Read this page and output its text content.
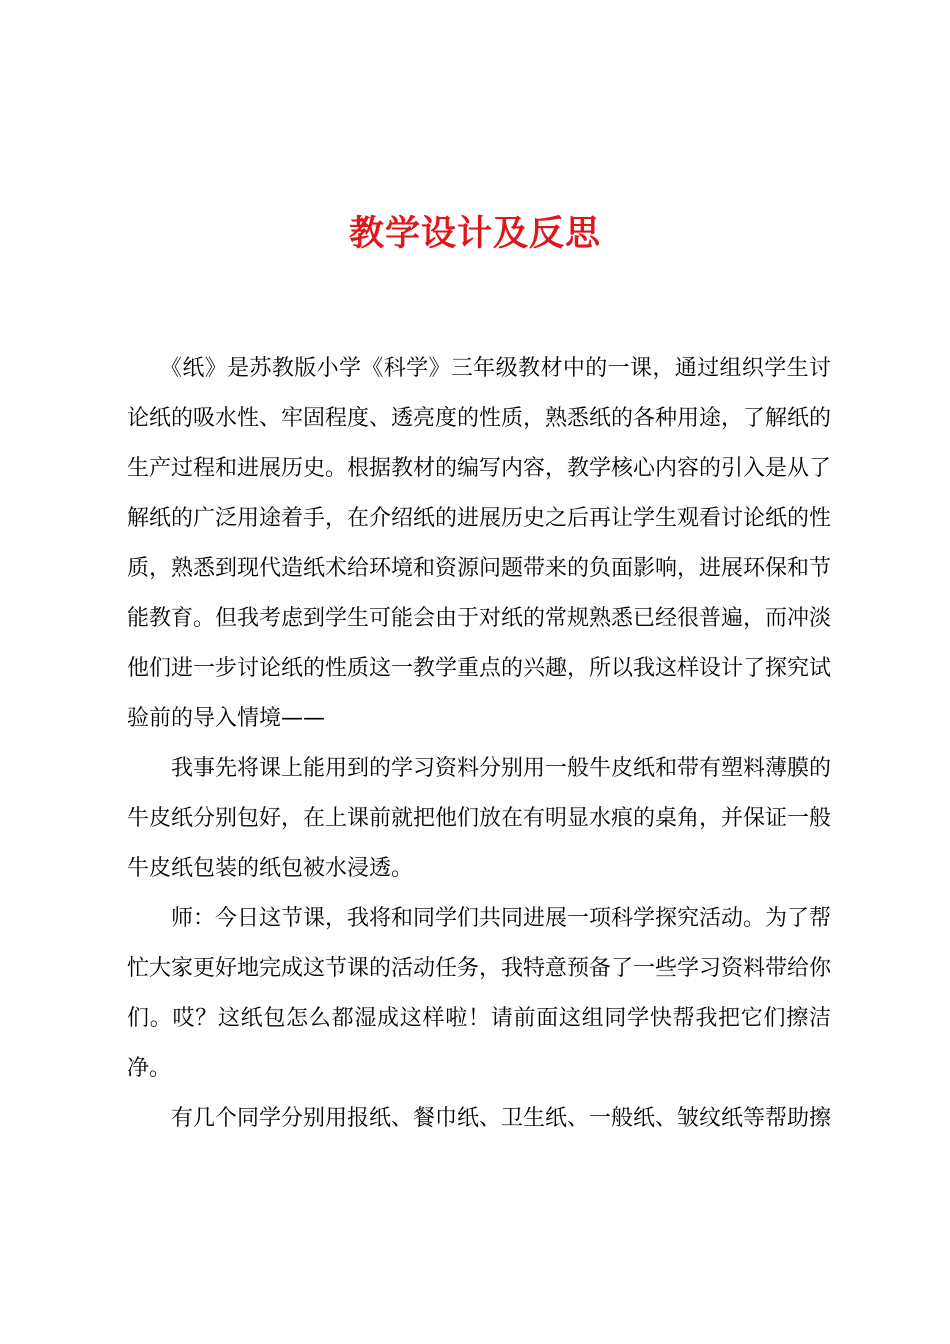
教学设计及反思

《纸》是苏教版小学《科学》三年级教材中的一课，通过组织学生讨论纸的吸水性、牢固程度、透亮度的性质，熟悉纸的各种用途，了解纸的生产过程和进展历史。根据教材的编写内容，教学核心内容的引入是从了解纸的广泛用途着手，在介绍纸的进展历史之后再让学生观看讨论纸的性质，熟悉到现代造纸术给环境和资源问题带来的负面影响，进展环保和节能教育。但我考虑到学生可能会由于对纸的常规熟悉已经很普遍，而冲淡他们进一步讨论纸的性质这一教学重点的兴趣，所以我这样设计了探究试验前的导入情境——

我事先将课上能用到的学习资料分别用一般牛皮纸和带有塑料薄膜的牛皮纸分别包好，在上课前就把他们放在有明显水痕的桌角，并保证一般牛皮纸包装的纸包被水浸透。

师：今日这节课，我将和同学们共同进展一项科学探究活动。为了帮忙大家更好地完成这节课的活动任务，我特意预备了一些学习资料带给你们。哎？这纸包怎么都湿成这样啦！请前面这组同学快帮我把它们擦洁净。

有几个同学分别用报纸、餐巾纸、卫生纸、一般纸、皱纹纸等帮助擦
